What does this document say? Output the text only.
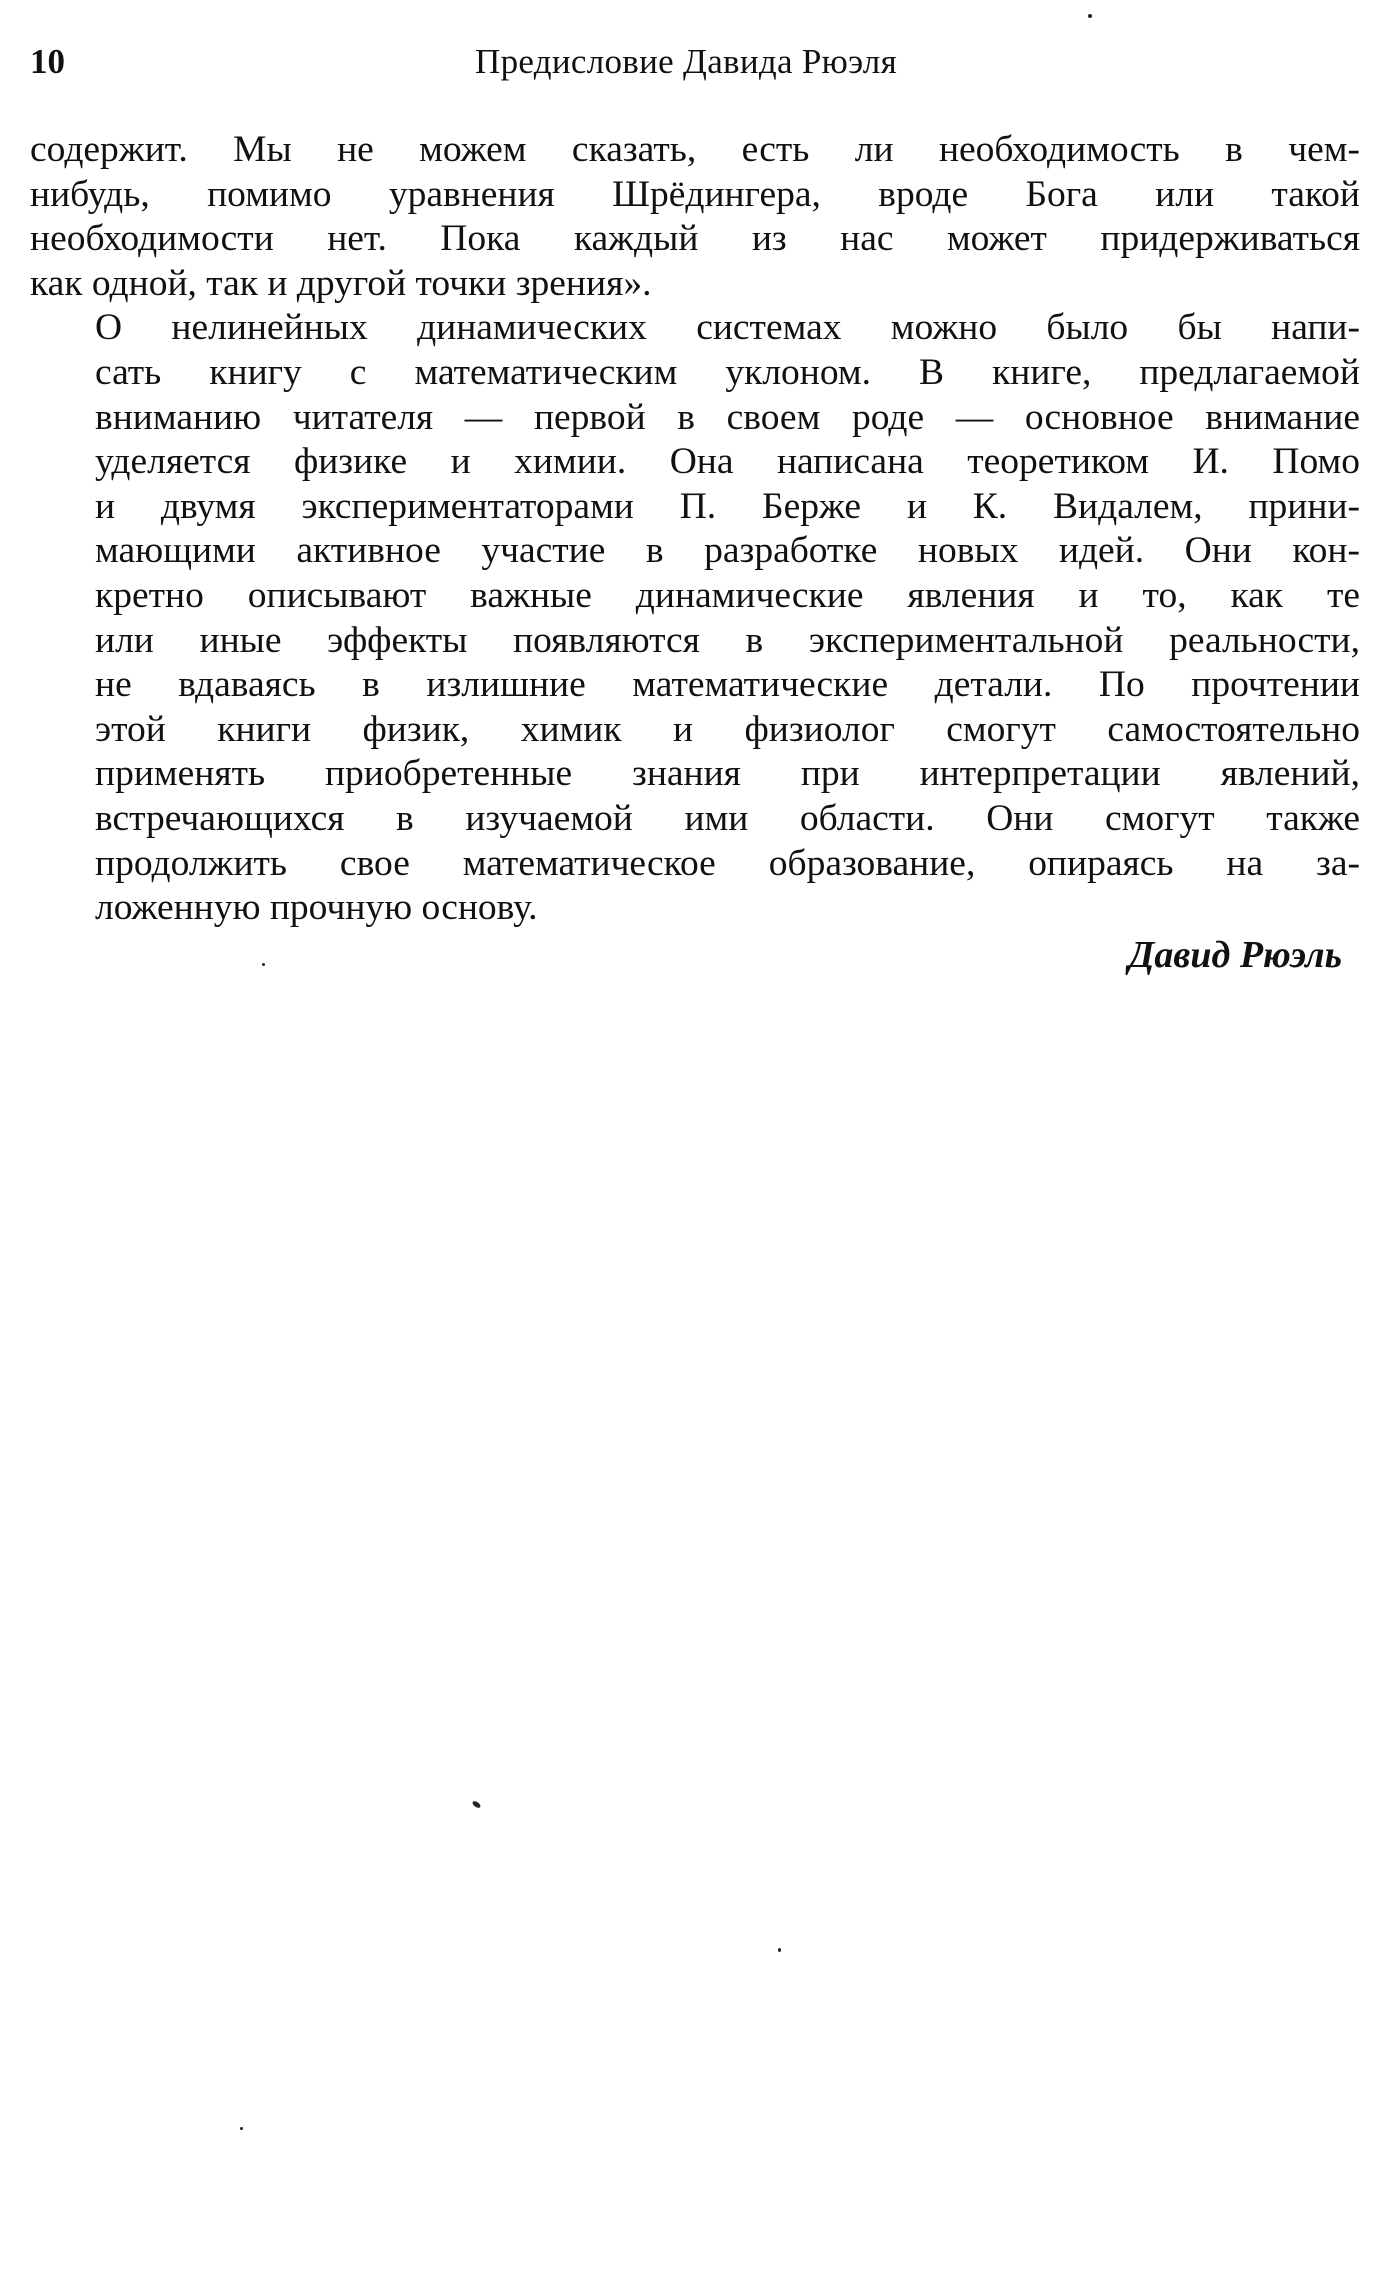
10	Предисловие Давида Рюэля

содержит. Мы не можем сказать, есть ли необходимость в чем-
нибудь, помимо уравнения Шрёдингера, вроде Бога или такой
необходимости нет. Пока каждый из нас может придерживаться
как одной, так и другой точки зрения».

О нелинейных динамических системах можно было бы напи-
сать книгу с математическим уклоном. В книге, предлагаемой
вниманию читателя — первой в своем роде — основное внимание
уделяется физике и химии. Она написана теоретиком И. Помо
и двумя экспериментаторами П. Берже и К. Видалем, прини-
мающими активное участие в разработке новых идей. Они кон-
кретно описывают важные динамические явления и то, как те
или иные эффекты появляются в экспериментальной реальности,
не вдаваясь в излишние математические детали. По прочтении
этой книги физик, химик и физиолог смогут самостоятельно
применять приобретенные знания при интерпретации явлений,
встречающихся в изучаемой ими области. Они смогут также
продолжить свое математическое образование, опираясь на за-
ложенную прочную основу.

Давид Рюэль
